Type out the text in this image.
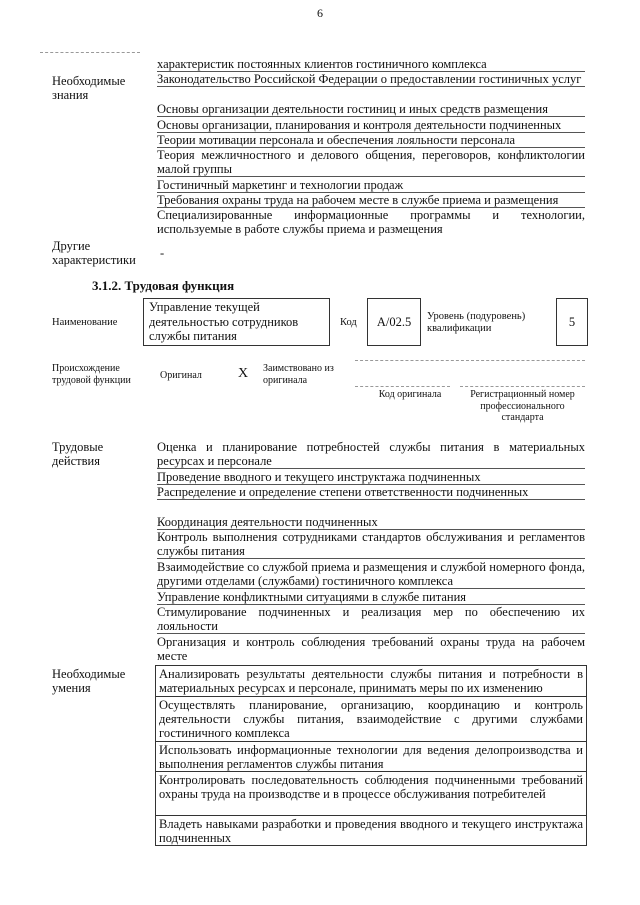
6
Необходимые знания
характеристик постоянных клиентов гостиничного комплекса
Законодательство Российской Федерации о предоставлении гостиничных услуг
Основы организации деятельности гостиниц и иных средств размещения
Основы организации, планирования и контроля деятельности подчиненных
Теории мотивации персонала и обеспечения лояльности персонала
Теория межличностного и делового общения, переговоров, конфликтологии малой группы
Гостиничный маркетинг и технологии продаж
Требования охраны труда на рабочем месте в службе приема и размещения
Специализированные информационные программы и технологии, используемые в работе службы приема и размещения
Другие характеристики	-
3.1.2. Трудовая функция
Наименование
Управление текущей деятельностью сотрудников службы питания
Код	A/02.5	Уровень (подуровень) квалификации	5
Происхождение трудовой функции	Оригинал	X Заимствовано из оригинала
Код оригинала	Регистрационный номер профессионального стандарта
Трудовые действия
Оценка и планирование потребностей службы питания в материальных ресурсах и персонале
Проведение вводного и текущего инструктажа подчиненных
Распределение и определение степени ответственности подчиненных
Координация деятельности подчиненных
Контроль выполнения сотрудниками стандартов обслуживания и регламентов службы питания
Взаимодействие со службой приема и размещения и службой номерного фонда, другими отделами (службами) гостиничного комплекса
Управление конфликтными ситуациями в службе питания
Стимулирование подчиненных и реализация мер по обеспечению их лояльности
Организация и контроль соблюдения требований охраны труда на рабочем месте
Необходимые умения
Анализировать результаты деятельности службы питания и потребности в материальных ресурсах и персонале, принимать меры по их изменению
Осуществлять планирование, организацию, координацию и контроль деятельности службы питания, взаимодействие с другими службами гостиничного комплекса
Использовать информационные технологии для ведения делопроизводства и выполнения регламентов службы питания
Контролировать последовательность соблюдения подчиненными требований охраны труда на производстве и в процессе обслуживания потребителей
Владеть навыками разработки и проведения вводного и текущего инструктажа подчиненных
